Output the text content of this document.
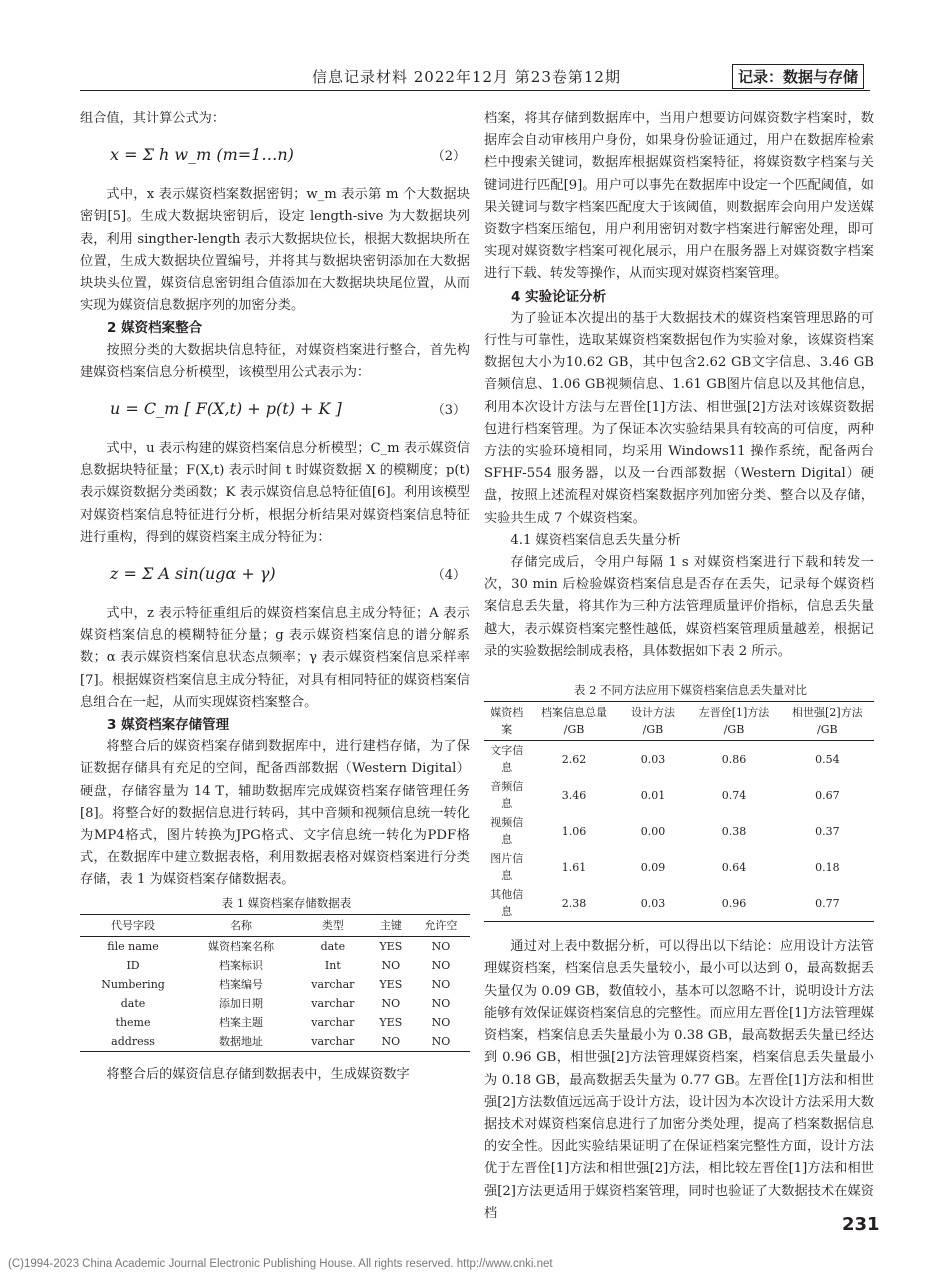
信息记录材料 2022年12月 第23卷第12期	记录：数据与存储

组合值，其计算公式为：

x = Σ h w_m (m=1…n)	（2）

式中，x 表示媒资档案数据密钥；w_m 表示第 m 个大数据块密钥[5]。生成大数据块密钥后，设定 length-sive 为大数据块列表，利用 singther-length 表示大数据块位长，根据大数据块所在位置，生成大数据块位置编号，并将其与数据块密钥添加在大数据块块头位置，媒资信息密钥组合值添加在大数据块块尾位置，从而实现为媒资信息数据序列的加密分类。

2 媒资档案整合

按照分类的大数据块信息特征，对媒资档案进行整合，首先构建媒资档案信息分析模型，该模型用公式表示为：

u = C_m [ F(X,t) + p(t) + K ]	（3）

式中，u 表示构建的媒资档案信息分析模型；C_m 表示媒资信息数据块特征量；F(X,t) 表示时间 t 时媒资数据 X 的模糊度；p(t) 表示媒资数据分类函数；K 表示媒资信息总特征值[6]。利用该模型对媒资档案信息特征进行分析，根据分析结果对媒资档案信息特征进行重构，得到的媒资档案主成分特征为：

z = Σ A sin(ugα + γ)	（4）

式中，z 表示特征重组后的媒资档案信息主成分特征；A 表示媒资档案信息的模糊特征分量；g 表示媒资档案信息的谱分解系数；α 表示媒资档案信息状态点频率；γ 表示媒资档案信息采样率[7]。根据媒资档案信息主成分特征，对具有相同特征的媒资档案信息组合在一起，从而实现媒资档案整合。

3 媒资档案存储管理

将整合后的媒资档案存储到数据库中，进行建档存储，为了保证数据存储具有充足的空间，配备西部数据（Western Digital）硬盘，存储容量为 14 T，辅助数据库完成媒资档案存储管理任务[8]。将整合好的数据信息进行转码，其中音频和视频信息统一转化为MP4格式，图片转换为JPG格式、文字信息统一转化为PDF格式，在数据库中建立数据表格，利用数据表格对媒资档案进行分类存储，表 1 为媒资档案存储数据表。

表 1 媒资档案存储数据表

代号字段	名称	类型	主键	允许空
file name	媒资档案名称	date	YES	NO
ID	档案标识	Int	NO	NO
Numbering	档案编号	varchar	YES	NO
date	添加日期	varchar	NO	NO
theme	档案主题	varchar	YES	NO
address	数据地址	varchar	NO	NO

将整合后的媒资信息存储到数据表中，生成媒资数字

档案，将其存储到数据库中，当用户想要访问媒资数字档案时，数据库会自动审核用户身份，如果身份验证通过，用户在数据库检索栏中搜索关键词，数据库根据媒资档案特征，将媒资数字档案与关键词进行匹配[9]。用户可以事先在数据库中设定一个匹配阈值，如果关键词与数字档案匹配度大于该阈值，则数据库会向用户发送媒资数字档案压缩包，用户利用密钥对数字档案进行解密处理，即可实现对媒资数字档案可视化展示，用户在服务器上对媒资数字档案进行下载、转发等操作，从而实现对媒资档案管理。

4 实验论证分析

为了验证本次提出的基于大数据技术的媒资档案管理思路的可行性与可靠性，选取某媒资档案数据包作为实验对象，该媒资档案数据包大小为10.62 GB，其中包含2.62 GB文字信息、3.46 GB音频信息、1.06 GB视频信息、1.61 GB图片信息以及其他信息，利用本次设计方法与左晋佺[1]方法、相世强[2]方法对该媒资数据包进行档案管理。为了保证本次实验结果具有较高的可信度，两种方法的实验环境相同，均采用 Windows11 操作系统，配备两台 SFHF-554 服务器，以及一台西部数据（Western Digital）硬盘，按照上述流程对媒资档案数据序列加密分类、整合以及存储，实验共生成 7 个媒资档案。

4.1 媒资档案信息丢失量分析

存储完成后，令用户每隔 1 s 对媒资档案进行下载和转发一次，30 min 后检验媒资档案信息是否存在丢失，记录每个媒资档案信息丢失量，将其作为三种方法管理质量评价指标，信息丢失量越大，表示媒资档案完整性越低，媒资档案管理质量越差，根据记录的实验数据绘制成表格，具体数据如下表 2 所示。

表 2 不同方法应用下媒资档案信息丢失量对比

媒资档案	档案信息总量 /GB	设计方法 /GB	左晋佺[1]方法 /GB	相世强[2]方法 /GB
文字信息	2.62	0.03	0.86	0.54
音频信息	3.46	0.01	0.74	0.67
视频信息	1.06	0.00	0.38	0.37
图片信息	1.61	0.09	0.64	0.18
其他信息	2.38	0.03	0.96	0.77

通过对上表中数据分析，可以得出以下结论：应用设计方法管理媒资档案，档案信息丢失量较小，最小可以达到 0，最高数据丢失量仅为 0.09 GB，数值较小，基本可以忽略不计，说明设计方法能够有效保证媒资档案信息的完整性。而应用左晋佺[1]方法管理媒资档案，档案信息丢失量最小为 0.38 GB，最高数据丢失量已经达到 0.96 GB，相世强[2]方法管理媒资档案，档案信息丢失量最小为 0.18 GB，最高数据丢失量为 0.77 GB。左晋佺[1]方法和相世强[2]方法数值远远高于设计方法，设计因为本次设计方法采用大数据技术对媒资档案信息进行了加密分类处理，提高了档案数据信息的安全性。因此实验结果证明了在保证档案完整性方面，设计方法优于左晋佺[1]方法和相世强[2]方法，相比较左晋佺[1]方法和相世强[2]方法更适用于媒资档案管理，同时也验证了大数据技术在媒资档

231
(C)1994-2023 China Academic Journal Electronic Publishing House. All rights reserved. http://www.cnki.net
